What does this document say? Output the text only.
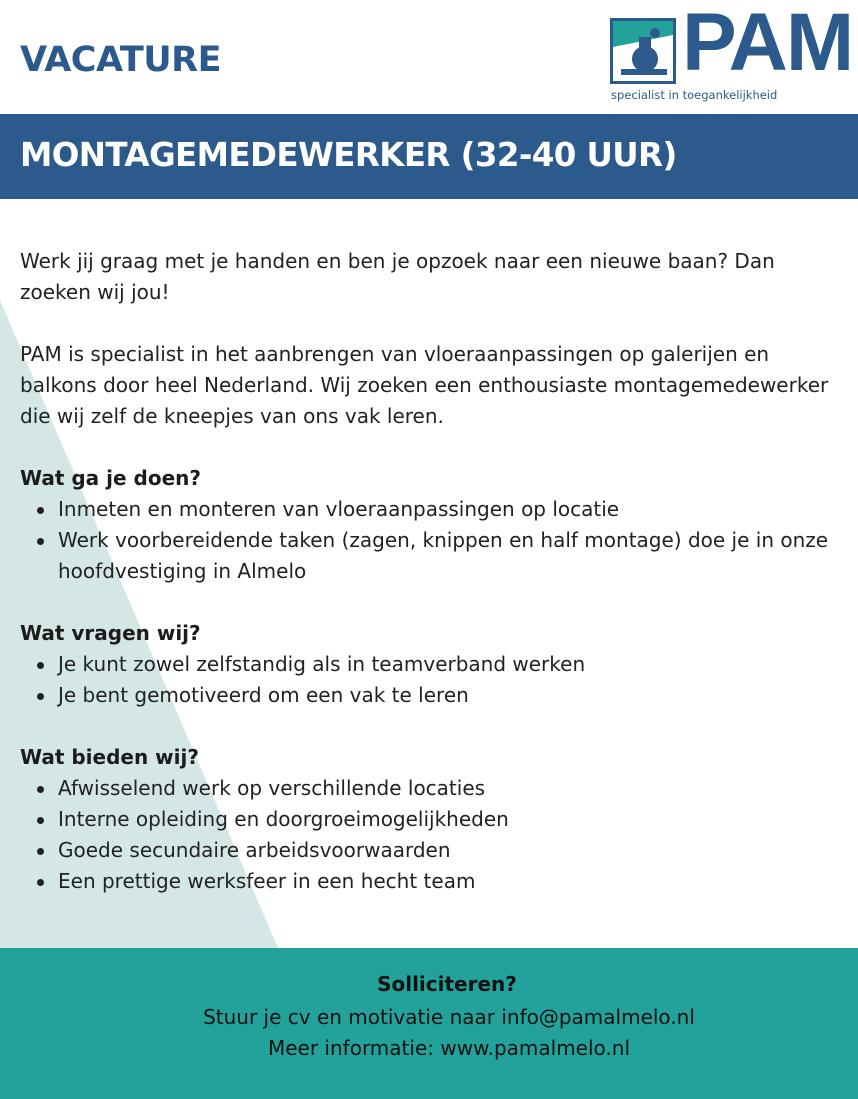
VACATURE	PAM
specialist in toegankelijkheid
MONTAGEMEDEWERKER (32-40 UUR)

Werk jij graag met je handen en ben je opzoek naar een nieuwe baan? Dan zoeken wij jou!

PAM is specialist in het aanbrengen van vloeraanpassingen op galerijen en balkons door heel Nederland. Wij zoeken een enthousiaste montagemedewerker die wij zelf de kneepjes van ons vak leren.

Wat ga je doen?

Inmeten en monteren van vloeraanpassingen op locatie
Werk voorbereidende taken (zagen, knippen en half montage) doe je in onze hoofdvestiging in Almelo

Wat vragen wij?

Je kunt zowel zelfstandig als in teamverband werken
Je bent gemotiveerd om een vak te leren

Wat bieden wij?

Afwisselend werk op verschillende locaties
Interne opleiding en doorgroeimogelijkheden
Goede secundaire arbeidsvoorwaarden
Een prettige werksfeer in een hecht team
Solliciteren?
Stuur je cv en motivatie naar info@pamalmelo.nl
Meer informatie: www.pamalmelo.nl
